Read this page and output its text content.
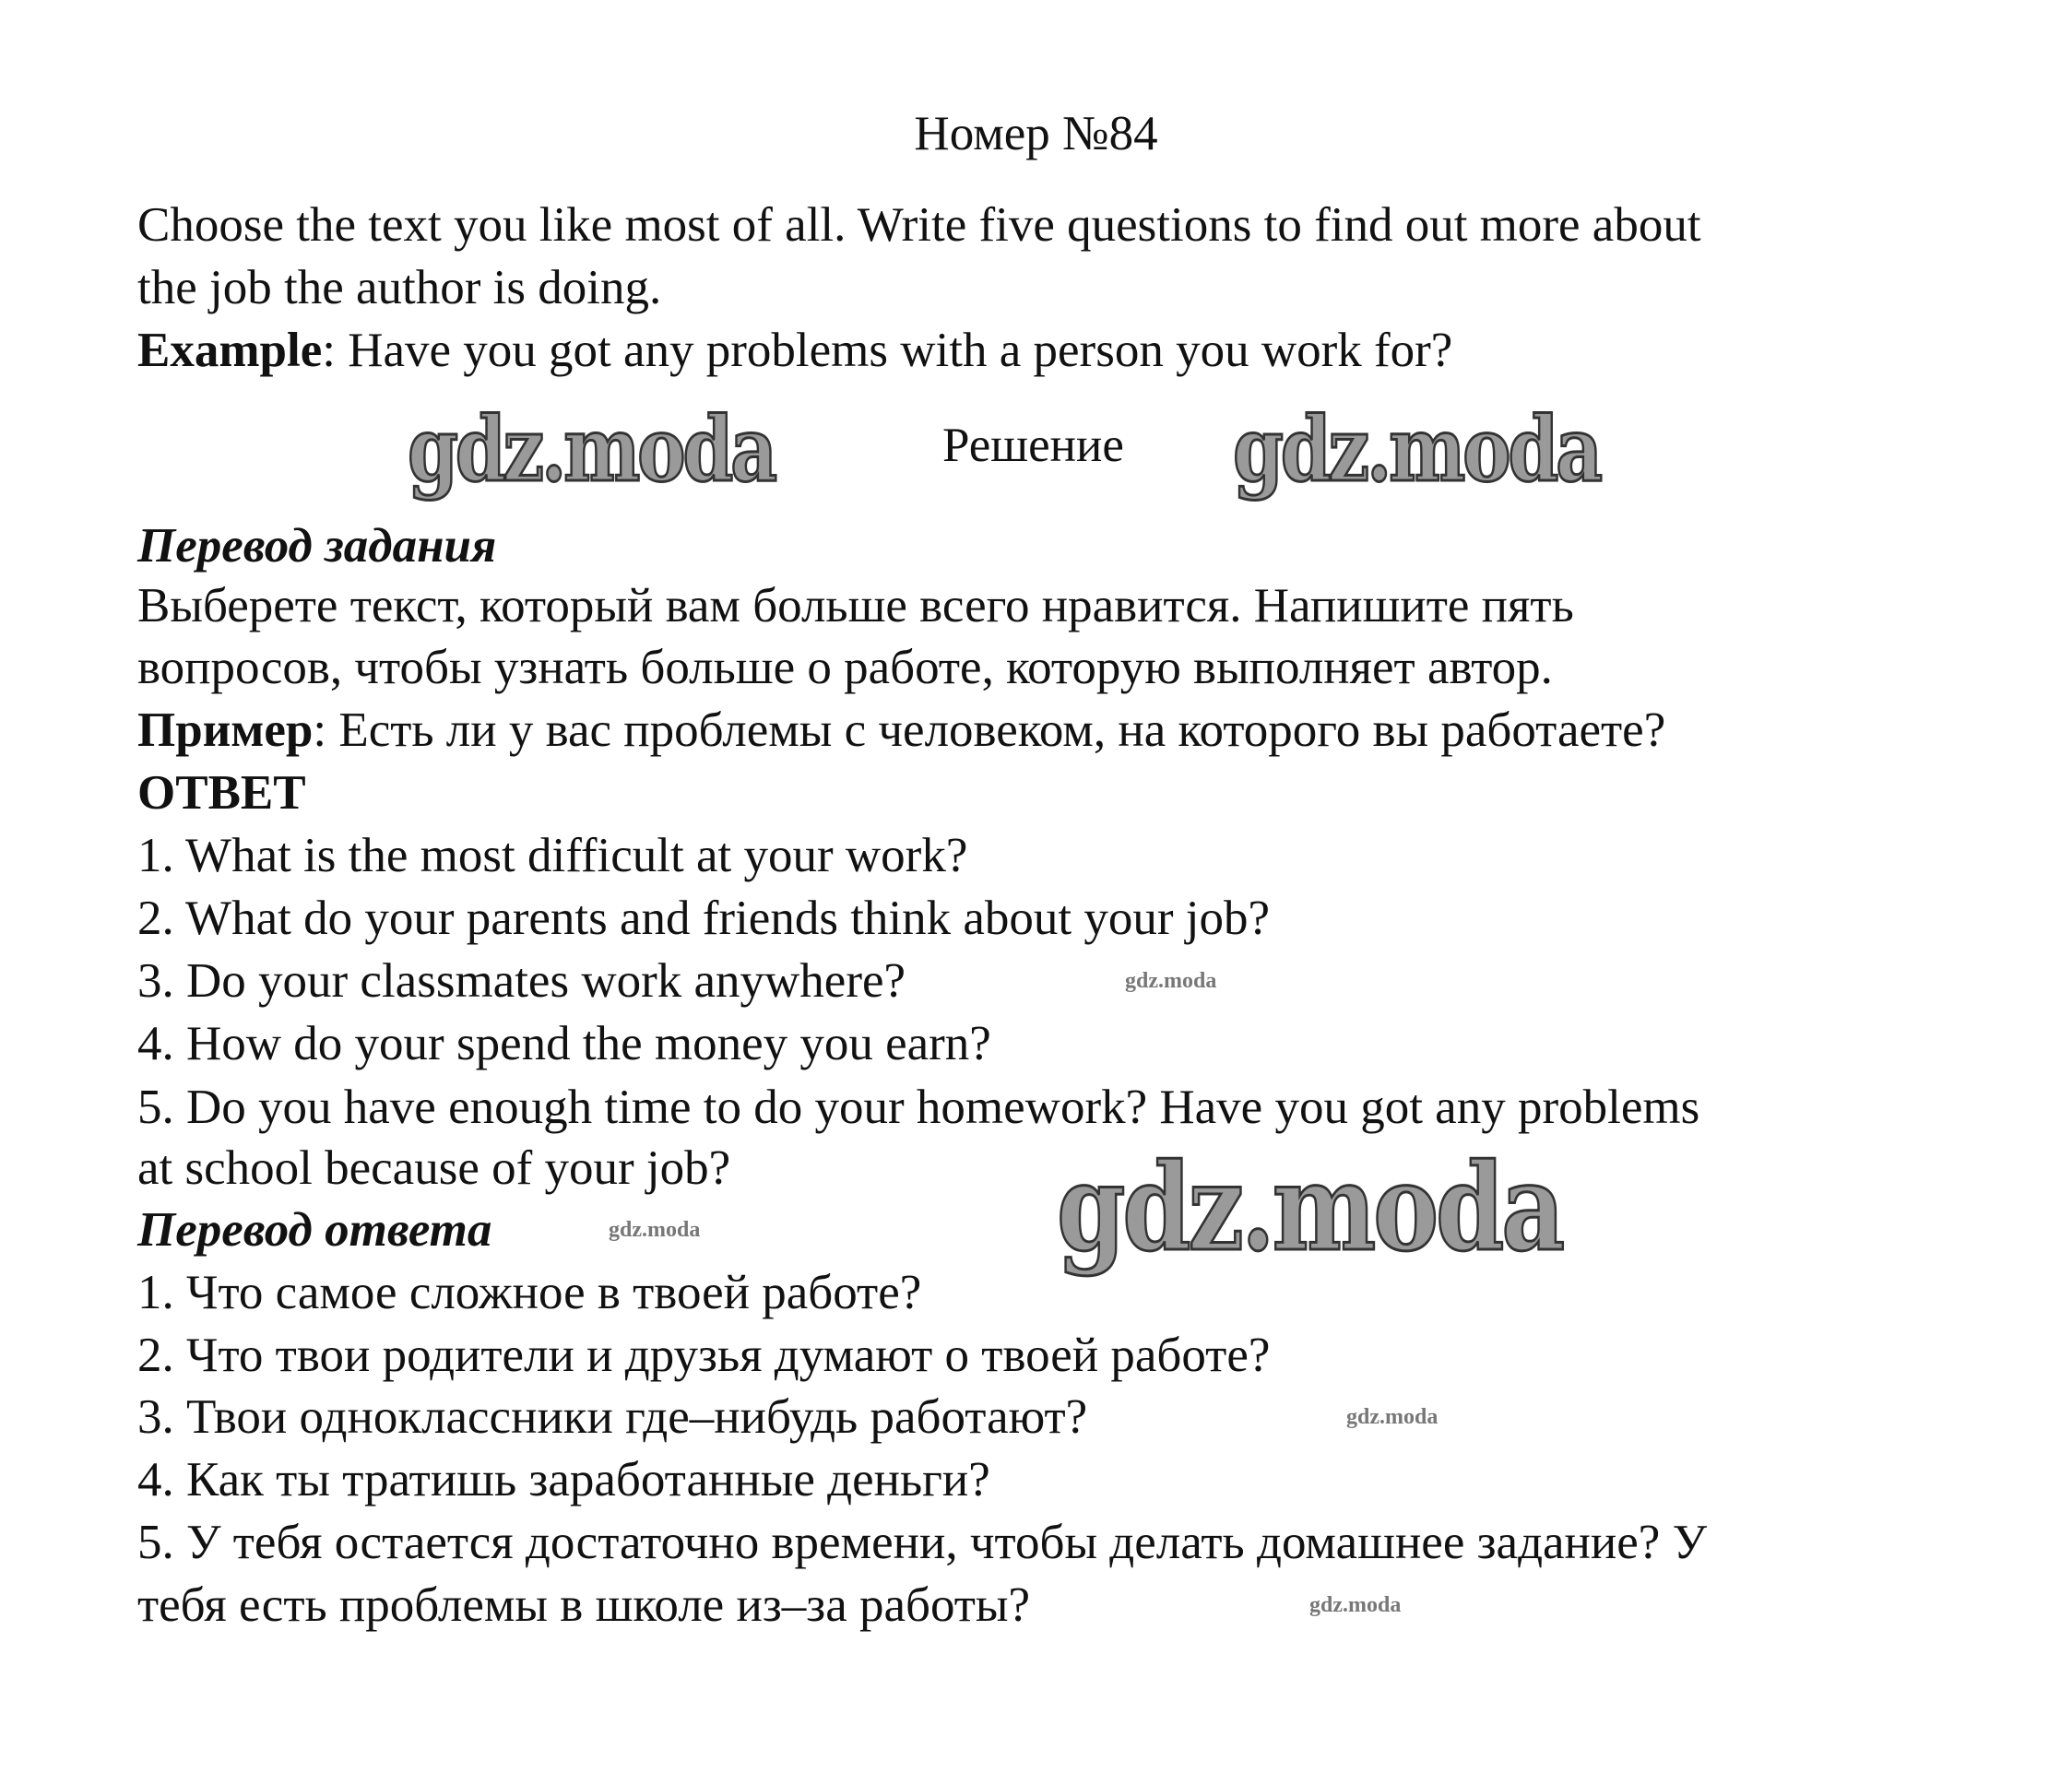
Номер №84
Choose the text you like most of all. Write five questions to find out more about
the job the author is doing.
Example: Have you got any problems with a person you work for?
gdz.moda	Решение gdz.moda
Перевод задания
Выберете текст, который вам больше всего нравится. Напишите пять
вопросов, чтобы узнать больше о работе, которую выполняет автор.
Пример: Есть ли у вас проблемы с человеком, на которого вы работаете?
ОТВЕТ
1. What is the most difficult at your work?
2. What do your parents and friends think about your job?
3. Do your classmates work anywhere?
4. How do your spend the money you earn?
5. Do you have enough time to do your homework? Have you got any problems
at school because of your job?
Перевод ответа
1. Что самое сложное в твоей работе?
2. Что твои родители и друзья думают о твоей работе?
3. Твои одноклассники где–нибудь работают?
4. Как ты тратишь заработанные деньги?
5. У тебя остается достаточно времени, чтобы делать домашнее задание? У
тебя есть проблемы в школе из–за работы?
gdz.moda
gdz.moda
gdz.moda
gdz.moda
gdz.moda
